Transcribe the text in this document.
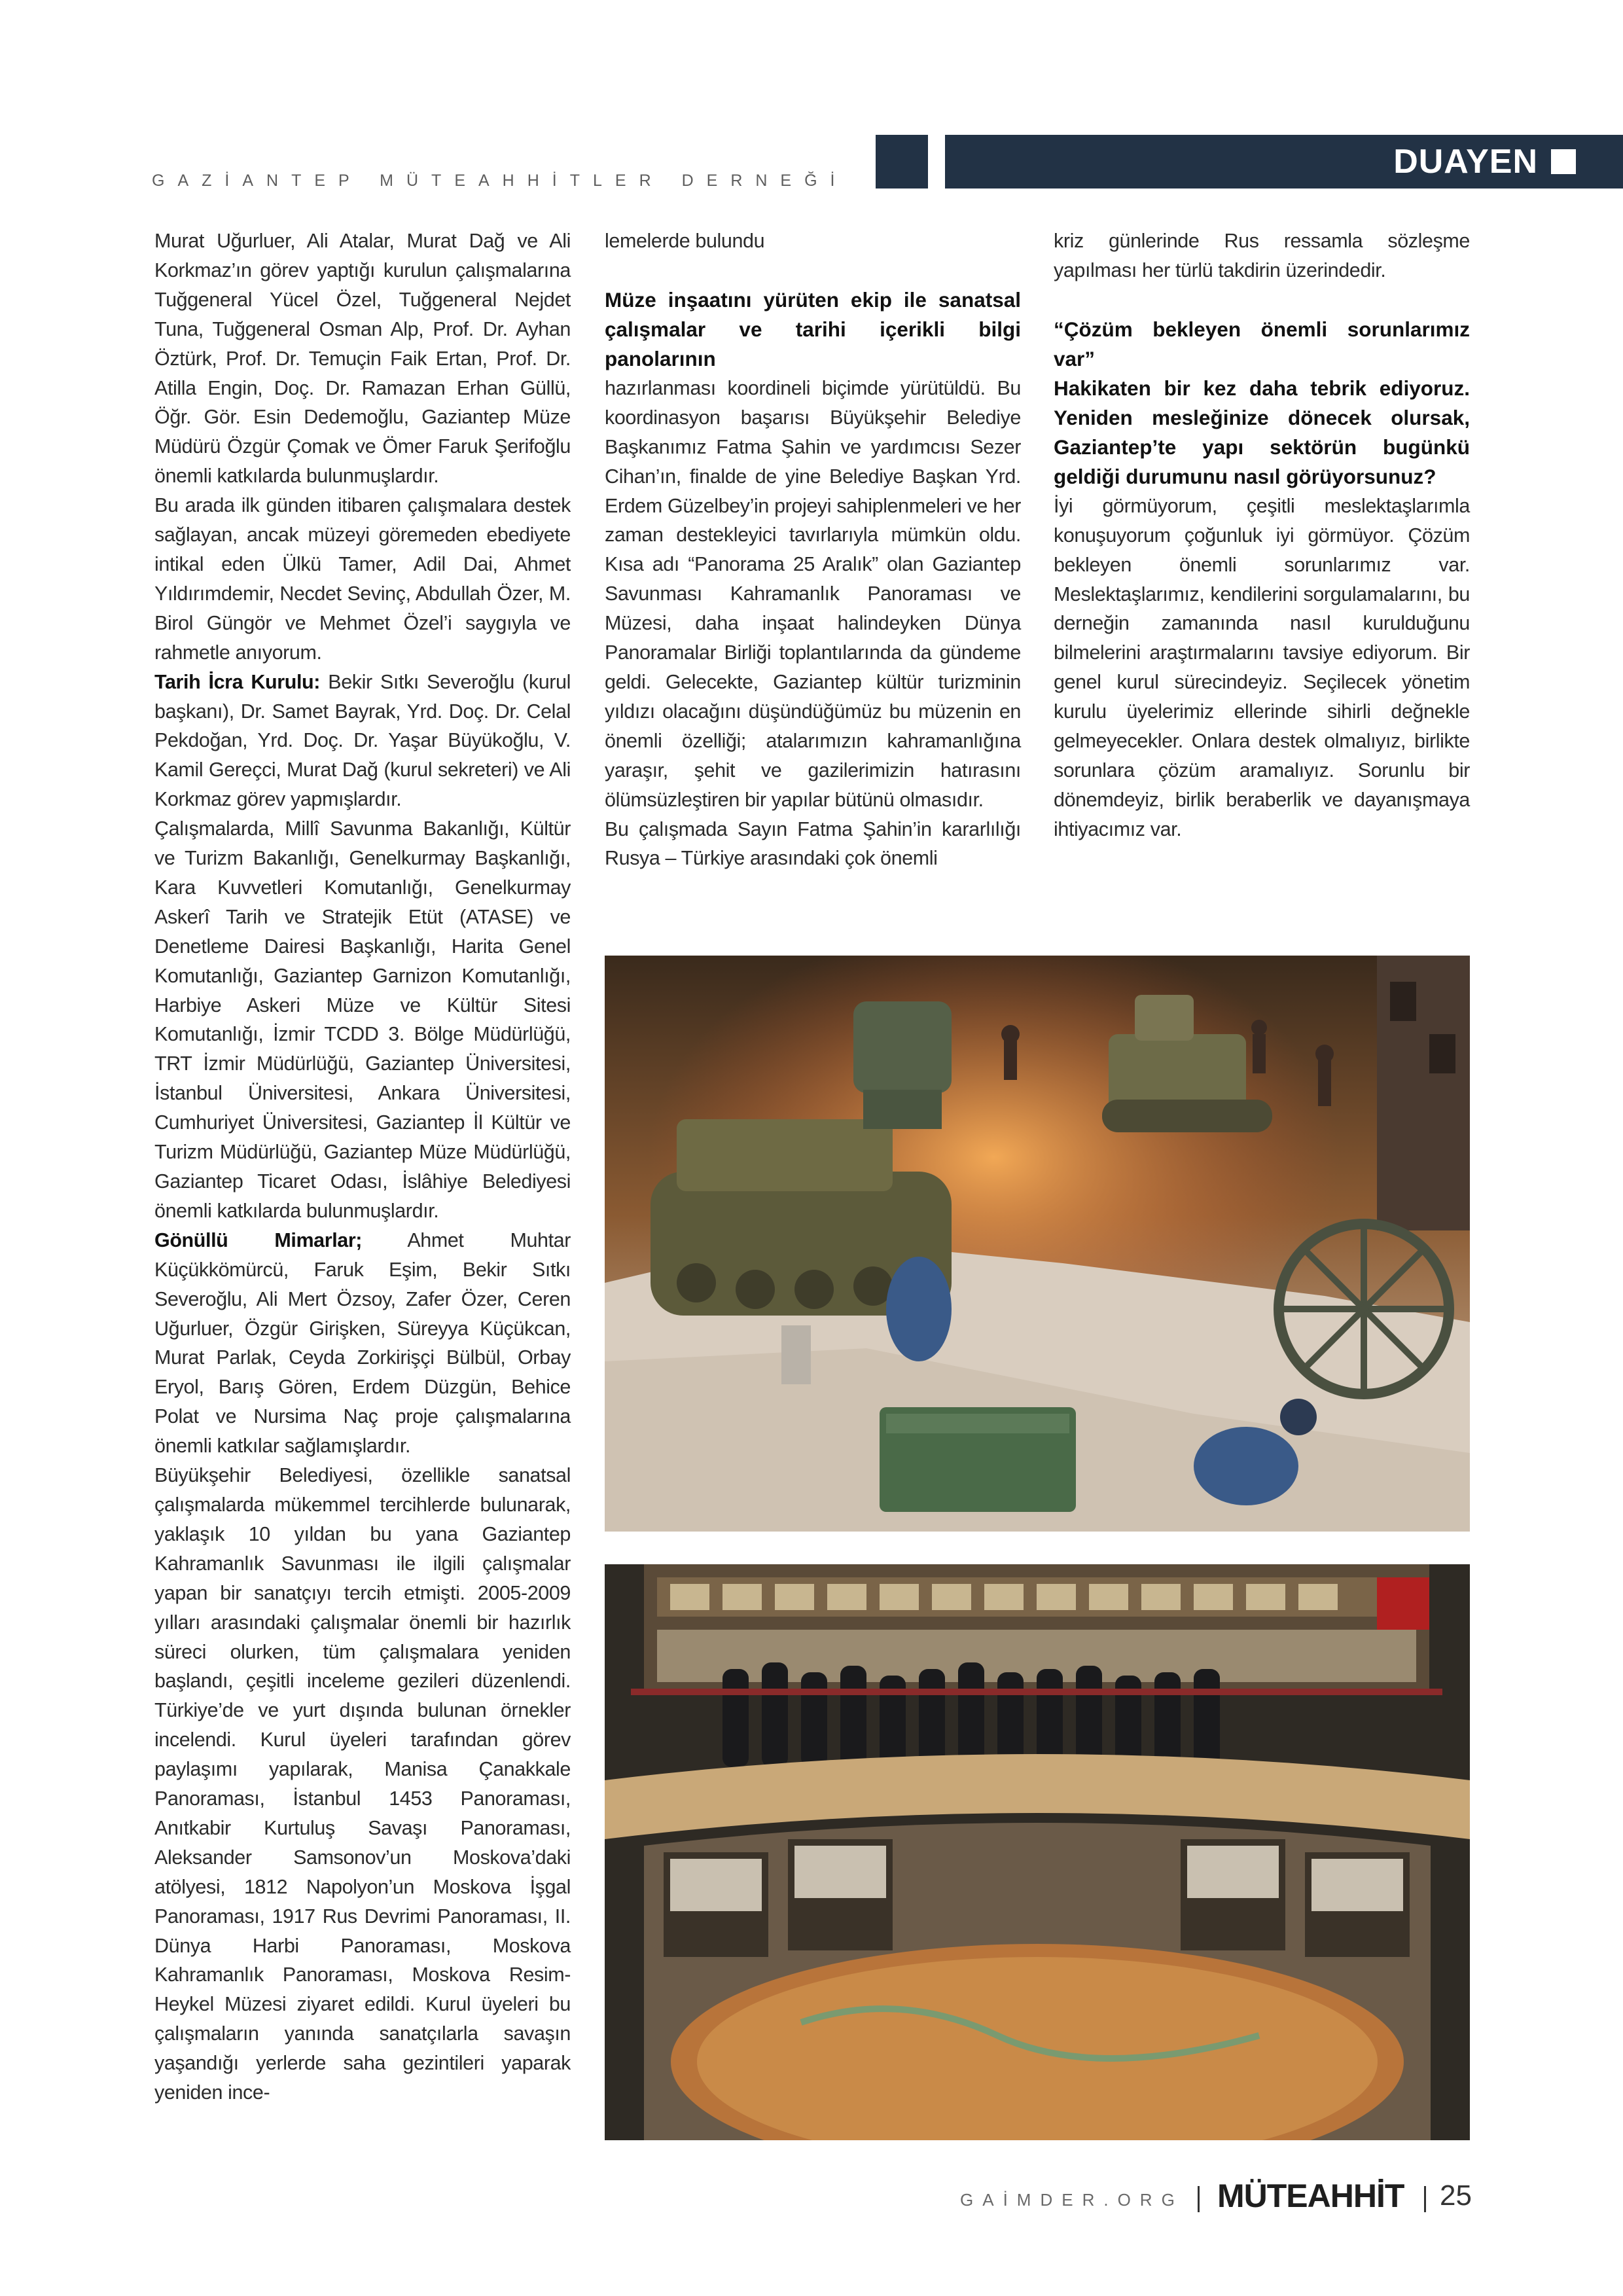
GAZİANTEP MÜTEAHHİTLER DERNEĞİ	DUAYEN

Murat Uğurluer, Ali Atalar, Murat Dağ ve Ali Korkmaz’ın görev yaptığı kurulun çalışmalarına Tuğgeneral Yücel Özel, Tuğgeneral Nejdet Tuna, Tuğgeneral Osman Alp, Prof. Dr. Ayhan Öztürk, Prof. Dr. Temuçin Faik Ertan, Prof. Dr. Atilla Engin, Doç. Dr. Ramazan Erhan Güllü, Öğr. Gör. Esin Dedemoğlu, Gaziantep Müze Müdürü Özgür Çomak ve Ömer Faruk Şerifoğlu önemli katkılarda bulunmuşlardır.

Bu arada ilk günden itibaren çalışmalara destek sağlayan, ancak müzeyi göremeden ebediyete intikal eden Ülkü Tamer, Adil Dai, Ahmet Yıldırımdemir, Necdet Sevinç, Abdullah Özer, M. Birol Güngör ve Mehmet Özel’i saygıyla ve rahmetle anıyorum.

Tarih İcra Kurulu: Bekir Sıtkı Severoğlu (kurul başkanı), Dr. Samet Bayrak, Yrd. Doç. Dr. Celal Pekdoğan, Yrd. Doç. Dr. Yaşar Büyükoğlu, V. Kamil Gereçci, Murat Dağ (kurul sekreteri) ve Ali Korkmaz görev yapmışlardır.

Çalışmalarda, Millî Savunma Bakanlığı, Kültür ve Turizm Bakanlığı, Genelkurmay Başkanlığı, Kara Kuvvetleri Komutanlığı, Genelkurmay Askerî Tarih ve Stratejik Etüt (ATASE) ve Denetleme Dairesi Başkanlığı, Harita Genel Komutanlığı, Gaziantep Garnizon Komutanlığı, Harbiye Askeri Müze ve Kültür Sitesi Komutanlığı, İzmir TCDD 3. Bölge Müdürlüğü, TRT İzmir Müdürlüğü, Gaziantep Üniversitesi, İstanbul Üniversitesi, Ankara Üniversitesi, Cumhuriyet Üniversitesi, Gaziantep İl Kültür ve Turizm Müdürlüğü, Gaziantep Müze Müdürlüğü, Gaziantep Ticaret Odası, İslâhiye Belediyesi önemli katkılarda bulunmuşlardır.

Gönüllü Mimarlar; Ahmet Muhtar Küçükkömürcü, Faruk Eşim, Bekir Sıtkı Severoğlu, Ali Mert Özsoy, Zafer Özer, Ceren Uğurluer, Özgür Girişken, Süreyya Küçükcan, Murat Parlak, Ceyda Zorkirişçi Bülbül, Orbay Eryol, Barış Gören, Erdem Düzgün, Behice Polat ve Nursima Naç proje çalışmalarına önemli katkılar sağlamışlardır.

Büyükşehir Belediyesi, özellikle sanatsal çalışmalarda mükemmel tercihlerde bulunarak, yaklaşık 10 yıldan bu yana Gaziantep Kahramanlık Savunması ile ilgili çalışmalar yapan bir sanatçıyı tercih etmişti. 2005-2009 yılları arasındaki çalışmalar önemli bir hazırlık süreci olurken, tüm çalışmalara yeniden başlandı, çeşitli inceleme gezileri düzenlendi. Türkiye’de ve yurt dışında bulunan örnekler incelendi. Kurul üyeleri tarafından görev paylaşımı yapılarak, Manisa Çanakkale Panoraması, İstanbul 1453 Panoraması, Anıtkabir Kurtuluş Savaşı Panoraması, Aleksander Samsonov’un Moskova’daki atölyesi, 1812 Napolyon’un Moskova İşgal Panoraması, 1917 Rus Devrimi Panoraması, II. Dünya Harbi Panoraması, Moskova Kahramanlık Panoraması, Moskova Resim-Heykel Müzesi ziyaret edildi. Kurul üyeleri bu çalışmaların yanında sanatçılarla savaşın yaşandığı yerlerde saha gezintileri yaparak yeniden ince-

lemelerde bulundu

Müze inşaatını yürüten ekip ile sanatsal çalışmalar ve tarihi içerikli bilgi panolarının

hazırlanması koordineli biçimde yürütüldü. Bu koordinasyon başarısı Büyükşehir Belediye Başkanımız Fatma Şahin ve yardımcısı Sezer Cihan’ın, finalde de yine Belediye Başkan Yrd. Erdem Güzelbey’in projeyi sahiplenmeleri ve her zaman destekleyici tavırlarıyla mümkün oldu. Kısa adı “Panorama 25 Aralık” olan Gaziantep Savunması Kahramanlık Panoraması ve Müzesi, daha inşaat halindeyken Dünya Panoramalar Birliği toplantılarında da gündeme geldi. Gelecekte, Gaziantep kültür turizminin yıldızı olacağını düşündüğümüz bu müzenin en önemli özelliği; atalarımızın kahramanlığına yaraşır, şehit ve gazilerimizin hatırasını ölümsüzleştiren bir yapılar bütünü olmasıdır.

Bu çalışmada Sayın Fatma Şahin’in kararlılığı Rusya – Türkiye arasındaki çok önemli

kriz günlerinde Rus ressamla sözleşme yapılması her türlü takdirin üzerindedir.

“Çözüm bekleyen önemli sorunlarımız var”
Hakikaten bir kez daha tebrik ediyoruz. Yeniden mesleğinize dönecek olursak, Gaziantep’te yapı sektörün bugünkü geldiği durumunu nasıl görüyorsunuz?

İyi görmüyorum, çeşitli meslektaşlarımla konuşuyorum çoğunluk iyi görmüyor. Çözüm bekleyen önemli sorunlarımız var. Meslektaşlarımız, kendilerini sorgulamalarını, bu derneğin zamanında nasıl kurulduğunu bilmelerini araştırmalarını tavsiye ediyorum. Bir genel kurul sürecindeyiz. Seçilecek yönetim kurulu üyelerimiz ellerinde sihirli değnekle gelmeyecekler. Onlara destek olmalıyız, birlikte sorunlara çözüm aramalıyız. Sorunlu bir dönemdeyiz, birlik beraberlik ve dayanışmaya ihtiyacımız var.

GAİMDER.ORG MÜTEAHHİT 25
